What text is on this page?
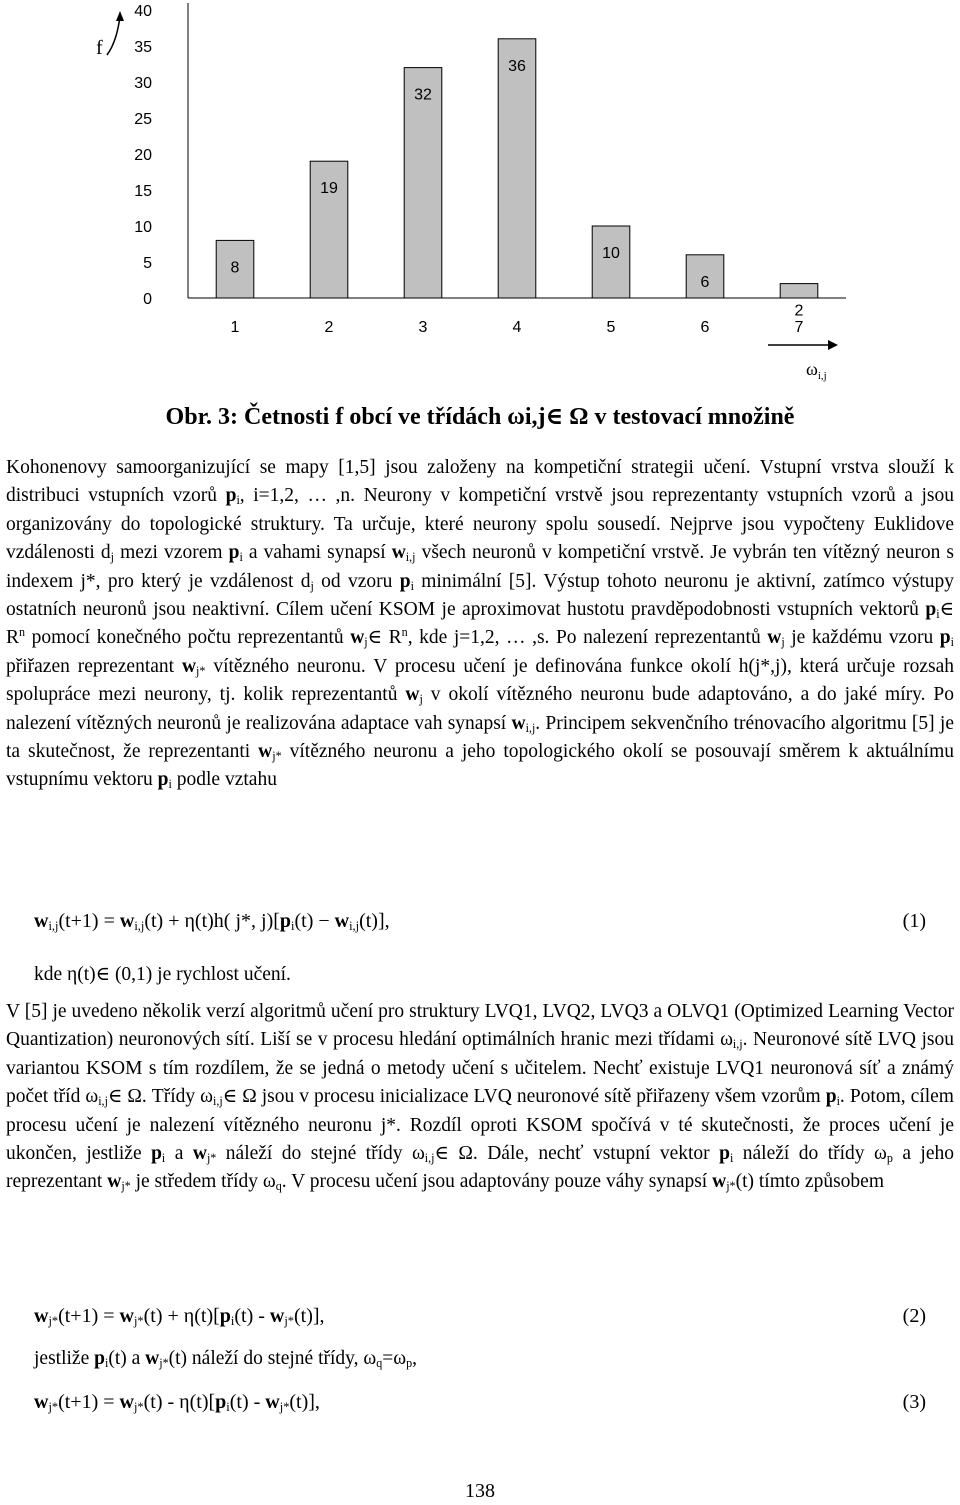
0
5
10
15
20
25
30
35
40
8
19
32
36
10
6
2
1	2	3	4	5	6	7
f
$\omega_{i,j}$
Obr. 3: Četnosti f obcí ve třídách ωi,j∈ Ω v testovací množině
Kohonenovy samoorganizující se mapy [1,5] jsou založeny na kompetiční strategii učení. Vstupní vrstva slouží k distribuci vstupních vzorů $p_i$, i=1,2, … ,n. Neurony v kompetiční vrstvě jsou reprezentanty vstupních vzorů a jsou organizovány do topologické struktury. Ta určuje, které neurony spolu sousedí. Nejprve jsou vypočteny Euklidove vzdálenosti $d_j$ mezi vzorem $p_i$ a vahami synapsí $w_{i,j}$ všech neuronů v kompetiční vrstvě. Je vybrán ten vítězný neuron s indexem j*, pro který je vzdálenost $d_j$ od vzoru $p_i$ minimální [5]. Výstup tohoto neuronu je aktivní, zatímco výstupy ostatních neuronů jsou neaktivní. Cílem učení KSOM je aproximovat hustotu pravděpodobnosti vstupních vektorů $p_i\in$ $R^n$ pomocí konečného počtu reprezentantů $w_j\in$ $R^n$, kde j=1,2, … ,s. Po nalezení reprezentantů $w_j$ je každému vzoru $p_i$ přiřazen reprezentant $w_{j*}$ vítězného neuronu. V procesu učení je definována funkce okolí h(j*,j), která určuje rozsah spolupráce mezi neurony, tj. kolik reprezentantů $w_j$ v okolí vítězného neuronu bude adaptováno, a do jaké míry. Po nalezení vítězných neuronů je realizována adaptace vah synapsí $w_{i,j}$. Principem sekvenčního trénovacího algoritmu [5] je ta skutečnost, že reprezentanti $w_{j*}$ vítězného neuronu a jeho topologického okolí se posouvají směrem k aktuálnímu vstupnímu vektoru $p_i$ podle vztahu
$w_{i,j}(t+1) = w_{i,j}(t) + \eta(t)h$( j*, $j)[p_i(t) - w_{i,j}(t)]$,	(1)
kde η(t)∈ (0,1) je rychlost učení.
V [5] je uvedeno několik verzí algoritmů učení pro struktury LVQ1, LVQ2, LVQ3 a OLVQ1 (Optimized Learning Vector Quantization) neuronových sítí. Liší se v procesu hledání optimálních hranic mezi třídami $\omega_{i,j}$. Neuronové sítě LVQ jsou variantou KSOM s tím rozdílem, že se jedná o metody učení s učitelem. Nechť existuje LVQ1 neuronová síť a známý počet tříd $\omega_{i,j}\in$ Ω. Třídy $\omega_{i,j}\in$ Ω jsou v procesu inicializace LVQ neuronové sítě přiřazeny všem vzorům $p_i$. Potom, cílem procesu učení je nalezení vítězného neuronu j*. Rozdíl oproti KSOM spočívá v té skutečnosti, že proces učení je ukončen, jestliže $p_i$ a $w_{j*}$ náleží do stejné třídy $\omega_{i,j}\in$ Ω. Dále, nechť vstupní vektor $p_i$ náleží do třídy $\omega_p$ a jeho reprezentant $w_{j*}$ je středem třídy $\omega_q$. V procesu učení jsou adaptovány pouze váhy synapsí $w_{j*}(t)$ tímto způsobem
$w_{j*}(t+1) = w_{j*}(t) + \eta(t)[p_i(t) - w_{j*}(t)]$,	(2)
jestliže $p_i(t)$ a $w_{j*}(t)$ náleží do stejné třídy, $\omega_q=\omega_p$,
$w_{j*}(t+1) = w_{j*}(t) - \eta(t)[p_i(t) - w_{j*}(t)]$,	(3)
138
